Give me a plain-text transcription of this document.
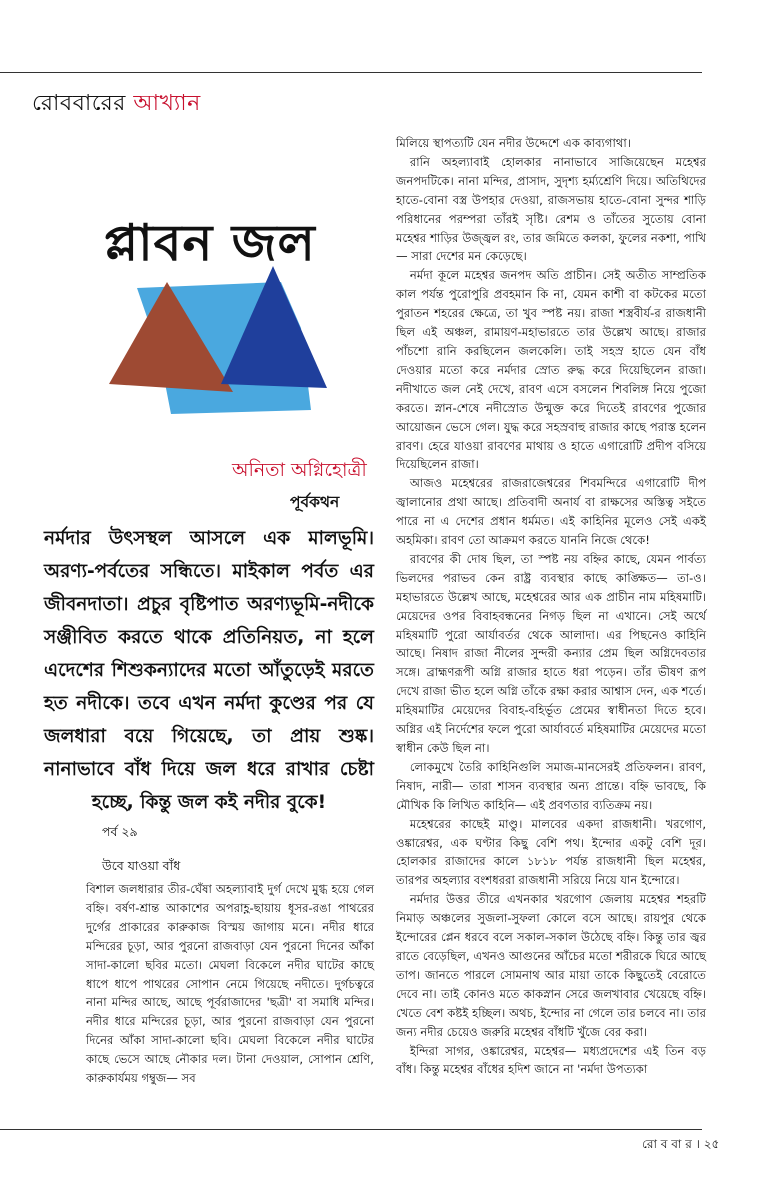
রোববারের আখ্যান
প্লাবন জল
অনিতা অগ্নিহোত্রী
পূর্বকথন
নর্মদার উৎসস্থল আসলে এক মালভূমি। অরণ্য-পর্বতের সন্ধিতে। মাইকাল পর্বত এর জীবনদাতা। প্রচুর বৃষ্টিপাত অরণ্যভূমি-নদীকে সঞ্জীবিত করতে থাকে প্রতিনিয়ত, না হলে এদেশের শিশুকন্যাদের মতো আঁতুড়েই মরতে হত নদীকে। তবে এখন নর্মদা কুণ্ডের পর যে জলধারা বয়ে গিয়েছে, তা প্রায় শুষ্ক। নানাভাবে বাঁধ দিয়ে জল ধরে রাখার চেষ্টা হচ্ছে, কিন্তু জল কই নদীর বুকে!
পর্ব ২৯
উবে যাওয়া বাঁধ

বিশাল জলধারার তীর-ঘেঁষা অহল্যাবাই দুর্গ দেখে মুগ্ধ হয়ে গেল বহ্নি। বর্ষণ-শ্রান্ত আকাশের অপরাহ্ণ-ছায়ায় ধূসর-রঙা পাথরের দুর্গের প্রাকারের কারুকাজ বিস্ময় জাগায় মনে। নদীর ধারে মন্দিরের চূড়া, আর পুরনো রাজবাড়া যেন পুরনো দিনের আঁকা সাদা-কালো ছবির মতো। মেঘলা বিকেলে নদীর ঘাটের কাছে ধাপে ধাপে পাথরের সোপান নেমে গিয়েছে নদীতে। দুর্গচত্বরে নানা মন্দির আছে, আছে পূর্বরাজাদের 'ছত্রী' বা সমাধি মন্দির। নদীর ধারে মন্দিরের চূড়া, আর পুরনো রাজবাড়া যেন পুরনো দিনের আঁকা সাদা-কালো ছবি। মেঘলা বিকেলে নদীর ঘাটের কাছে ভেসে আছে নৌকার দল। টানা দেওয়াল, সোপান শ্রেণি, কারুকার্যময় গম্বুজ— সব

মিলিয়ে স্থাপত্যটি যেন নদীর উদ্দেশে এক কাব্যগাথা।

রানি অহল্যাবাই হোলকার নানাভাবে সাজিয়েছেন মহেশ্বর জনপদটিকে। নানা মন্দির, প্রাসাদ, সুদৃশ্য হর্ম্যশ্রেণি দিয়ে। অতিথিদের হাতে-বোনা বস্ত্র উপহার দেওয়া, রাজসভায় হাতে-বোনা সুন্দর শাড়ি পরিধানের পরম্পরা তাঁরই সৃষ্টি। রেশম ও তাঁতের সুতোয় বোনা মহেশ্বর শাড়ির উজ্জ্বল রং, তার জমিতে কলকা, ফুলের নকশা, পাখি— সারা দেশের মন কেড়েছে।

নর্মদা কূলে মহেশ্বর জনপদ অতি প্রাচীন। সেই অতীত সাম্প্রতিক কাল পর্যন্ত পুরোপুরি প্রবহমান কি না, যেমন কাশী বা কটকের মতো পুরাতন শহরের ক্ষেত্রে, তা খুব স্পষ্ট নয়। রাজা শস্ত্রবীর্য-র রাজধানী ছিল এই অঞ্চল, রামায়ণ-মহাভারতে তার উল্লেখ আছে। রাজার পাঁচশো রানি করছিলেন জলকেলি। তাই সহস্র হাতে যেন বাঁধ দেওয়ার মতো করে নর্মদার স্রোত রুদ্ধ করে দিয়েছিলেন রাজা। নদীখাতে জল নেই দেখে, রাবণ এসে বসলেন শিবলিঙ্গ নিয়ে পুজো করতে। স্নান-শেষে নদীস্রোত উন্মুক্ত করে দিতেই রাবণের পুজোর আয়োজন ভেসে গেল। যুদ্ধ করে সহস্রবাহু রাজার কাছে পরাস্ত হলেন রাবণ। হেরে যাওয়া রাবণের মাথায় ও হাতে এগারোটি প্রদীপ বসিয়ে দিয়েছিলেন রাজা।

আজও মহেশ্বরের রাজরাজেশ্বরের শিবমন্দিরে এগারোটি দীপ জ্বালানোর প্রথা আছে। প্রতিবাদী অনার্য বা রাক্ষসের অস্তিত্ব সইতে পারে না এ দেশের প্রধান ধর্মমত। এই কাহিনির মূলেও সেই একই অহমিকা। রাবণ তো আক্রমণ করতে যাননি নিজে থেকে!

রাবণের কী দোষ ছিল, তা স্পষ্ট নয় বহ্নির কাছে, যেমন পার্বত্য ভিলদের পরাভব কেন রাষ্ট্র ব্যবস্থার কাছে কাঙ্ক্ষিত— তা-ও। মহাভারতে উল্লেখ আছে, মহেশ্বরের আর এক প্রাচীন নাম মহিষমাটি। মেয়েদের ওপর বিবাহবন্ধনের নিগড় ছিল না এখানে। সেই অর্থে মহিষমাটি পুরো আর্যাবর্তর থেকে আলাদা। এর পিছনেও কাহিনি আছে। নিষাদ রাজা নীলের সুন্দরী কন্যার প্রেম ছিল অগ্নিদেবতার সঙ্গে। ব্রাহ্মণরূপী অগ্নি রাজার হাতে ধরা পড়েন। তাঁর ভীষণ রূপ দেখে রাজা ভীত হলে অগ্নি তাঁকে রক্ষা করার আশ্বাস দেন, এক শর্তে। মহিষমাটির মেয়েদের বিবাহ-বহির্ভূত প্রেমের স্বাধীনতা দিতে হবে। অগ্নির এই নির্দেশের ফলে পুরো আর্যাবর্তে মহিষমাটির মেয়েদের মতো স্বাধীন কেউ ছিল না।

লোকমুখে তৈরি কাহিনিগুলি সমাজ-মানসেরই প্রতিফলন। রাবণ, নিষাদ, নারী— তারা শাসন ব্যবস্থার অন্য প্রান্তে। বহ্নি ভাবছে, কি মৌখিক কি লিখিত কাহিনি— এই প্রবণতার ব্যতিক্রম নয়।

মহেশ্বরের কাছেই মাণ্ডু। মালবের একদা রাজধানী। খরগোণ, ওঙ্কারেশ্বর, এক ঘণ্টার কিছু বেশি পথ। ইন্দোর একটু বেশি দূর। হোলকার রাজাদের কালে ১৮১৮ পর্যন্ত রাজধানী ছিল মহেশ্বর, তারপর অহল্যার বংশধররা রাজধানী সরিয়ে নিয়ে যান ইন্দোরে।

নর্মদার উত্তর তীরে এখনকার খরগোণ জেলায় মহেশ্বর শহরটি নিমাড় অঞ্চলের সুজলা-সুফলা কোলে বসে আছে। রায়পুর থেকে ইন্দোরের প্লেন ধরবে বলে সকাল-সকাল উঠেছে বহ্নি। কিন্তু তার জ্বর রাতে বেড়েছিল, এখনও আগুনের আঁচের মতো শরীরকে ঘিরে আছে তাপ। জানতে পারলে সোমনাথ আর মায়া তাকে কিছুতেই বেরোতে দেবে না। তাই কোনও মতে কাকস্নান সেরে জলখাবার খেয়েছে বহ্নি। খেতে বেশ কষ্টই হচ্ছিল। অথচ, ইন্দোর না গেলে তার চলবে না। তার জন্য নদীর চেয়েও জরুরি মহেশ্বর বাঁধটি খুঁজে বের করা।

ইন্দিরা সাগর, ওঙ্কারেশ্বর, মহেশ্বর— মধ্যপ্রদেশের এই তিন বড় বাঁধ। কিন্তু মহেশ্বর বাঁধের হদিশ জানে না 'নর্মদা উপত্যকা

রো ব বা র । ২৫
